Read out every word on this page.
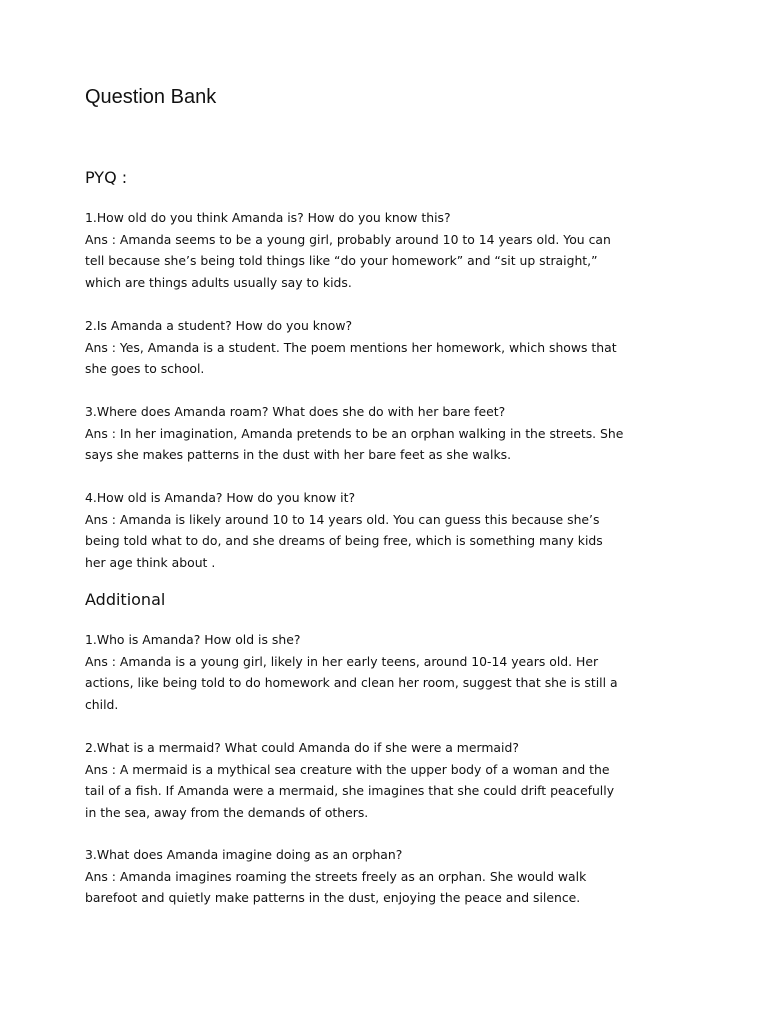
Question Bank
PYQ :

1.How old do you think Amanda is? How do you know this?

Ans : Amanda seems to be a young girl, probably around 10 to 14 years old. You can tell because she’s being told things like “do your homework” and “sit up straight,” which are things adults usually say to kids.

2.Is Amanda a student? How do you know?

Ans : Yes, Amanda is a student. The poem mentions her homework, which shows that she goes to school.

3.Where does Amanda roam? What does she do with her bare feet?

Ans : In her imagination, Amanda pretends to be an orphan walking in the streets. She says she makes patterns in the dust with her bare feet as she walks.

4.How old is Amanda? How do you know it?

Ans : Amanda is likely around 10 to 14 years old. You can guess this because she’s being told what to do, and she dreams of being free, which is something many kids her age think about .

Additional

1.Who is Amanda? How old is she?

Ans : Amanda is a young girl, likely in her early teens, around 10-14 years old. Her actions, like being told to do homework and clean her room, suggest that she is still a child.

2.What is a mermaid? What could Amanda do if she were a mermaid?

Ans : A mermaid is a mythical sea creature with the upper body of a woman and the tail of a fish. If Amanda were a mermaid, she imagines that she could drift peacefully in the sea, away from the demands of others.

3.What does Amanda imagine doing as an orphan?

Ans : Amanda imagines roaming the streets freely as an orphan. She would walk barefoot and quietly make patterns in the dust, enjoying the peace and silence.
